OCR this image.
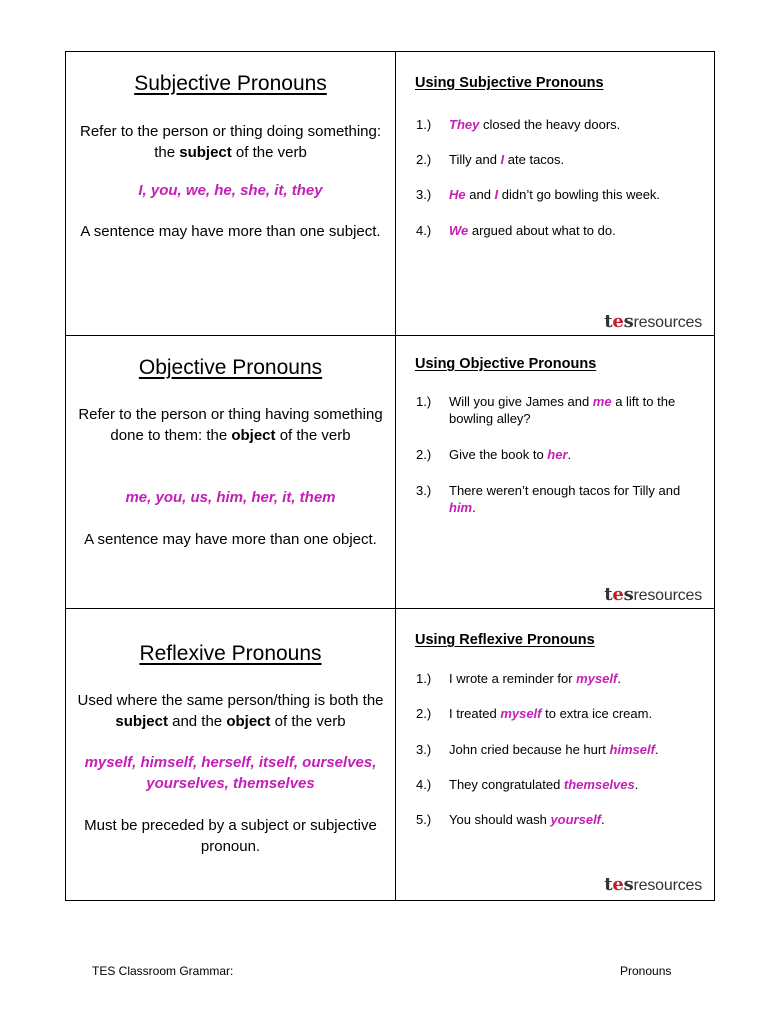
Subjective Pronouns
Refer to the person or thing doing something: the subject of the verb
I, you, we, he, she, it, they
A sentence may have more than one subject.
Using Subjective Pronouns
1.)	They closed the heavy doors.
2.)	Tilly and I ate tacos.
3.)	He and I didn’t go bowling this week.
4.)	We argued about what to do.
tesresources
Objective Pronouns
Refer to the person or thing having something done to them: the object of the verb
me, you, us, him, her, it, them
A sentence may have more than one object.
Using Objective Pronouns
1.)	Will you give James and me a lift to the bowling alley?
2.)	Give the book to her.
3.)	There weren’t enough tacos for Tilly and him.
tesresources
Reflexive Pronouns
Used where the same person/thing is both the subject and the object of the verb
myself, himself, herself, itself, ourselves, yourselves, themselves
Must be preceded by a subject or subjective pronoun.
Using Reflexive Pronouns
1.)	I wrote a reminder for myself.
2.)	I treated myself to extra ice cream.
3.)	John cried because he hurt himself.
4.)	They congratulated themselves.
5.)	You should wash yourself.
tesresources
TES Classroom Grammar:	Pronouns
